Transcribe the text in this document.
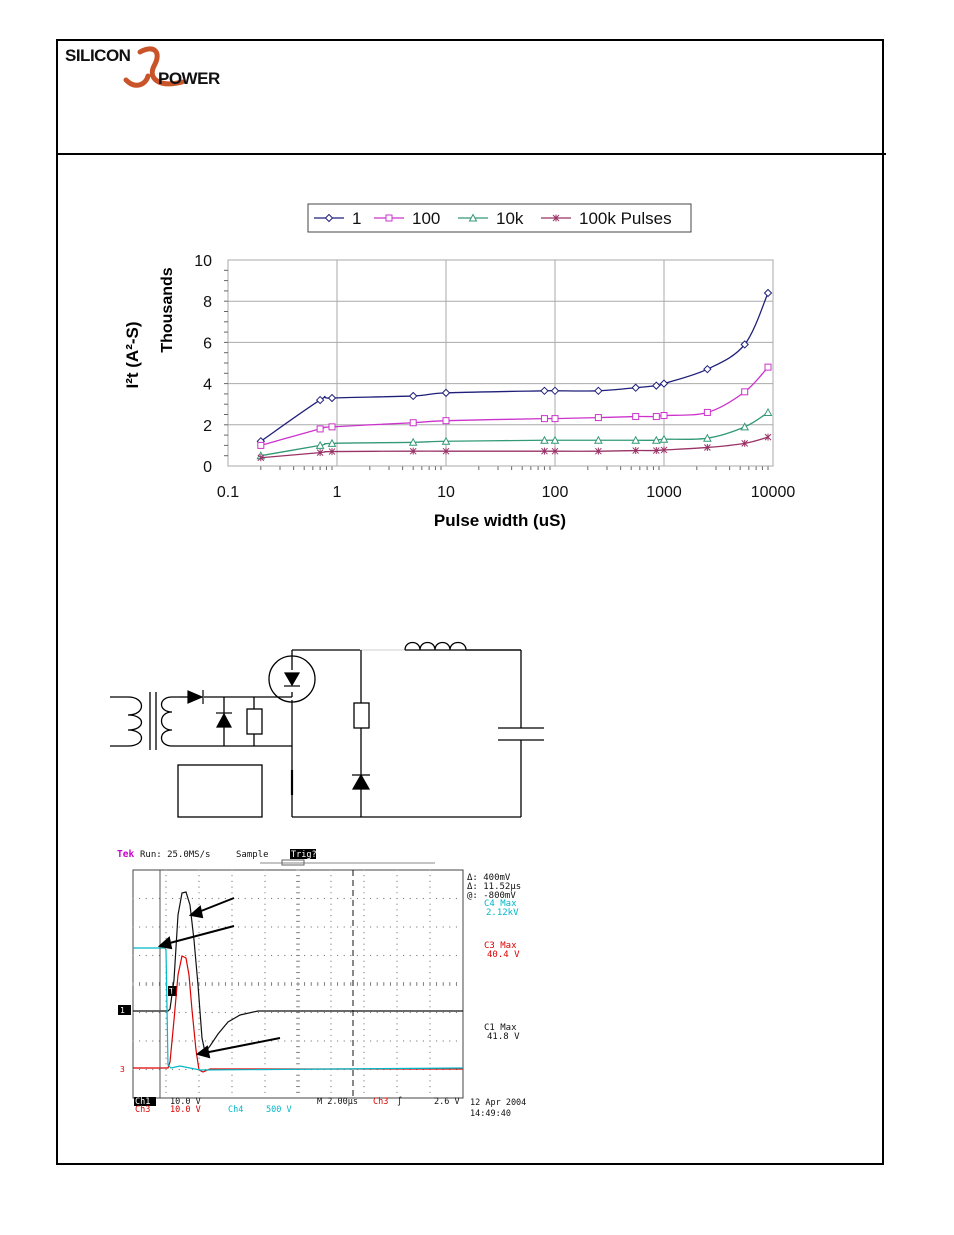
SILICON
POWER
1	100	10k	100k Pulses
0
2
4
6
8
10
0.1	1	10	100	1000	10000
I²t (A²-S)
Thousands
Pulse width (uS)
Tek Run: 25.0MS/s	Sample	Trig?
Δ: 400mV
Δ: 11.52µs
@: -800mV
C4 Max
2.12kV
C3 Max
40.4 V
C1 Max
41.8 V
1
3
T
Ch1 10.0 V
Ch3 10.0 V	Ch4	500 V
M 2.00µs Ch3 ∫	2.6 V 12 Apr 2004
14:49:40
